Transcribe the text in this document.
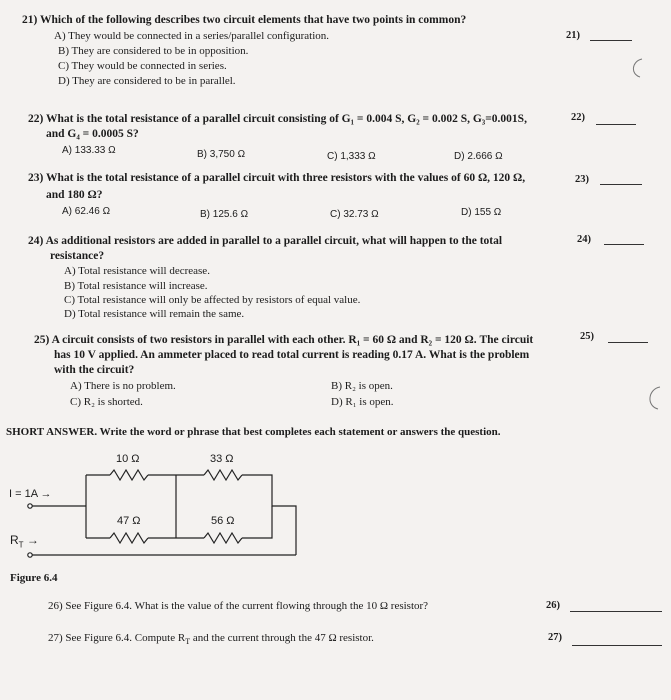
21) Which of the following describes two circuit elements that have two points in common?
21)
A) They would be connected in a series/parallel configuration.
B) They are considered to be in opposition.
C) They would be connected in series.
D) They are considered to be in parallel.
22) What is the total resistance of a parallel circuit consisting of G₁ = 0.004 S, G₂ = 0.002 S, G₃=0.001S,	22)
and G₄ = 0.0005 S?
A) 133.33 Ω	B) 3,750 Ω	C) 1,333 Ω	D) 2.666 Ω
23) What is the total resistance of a parallel circuit with three resistors with the values of 60 Ω, 120 Ω,	23)
and 180 Ω?
A) 62.46 Ω	B) 125.6 Ω	C) 32.73 Ω	D) 155 Ω
24) As additional resistors are added in parallel to a parallel circuit, what will happen to the total	24)
resistance?
A) Total resistance will decrease.
B) Total resistance will increase.
C) Total resistance will only be affected by resistors of equal value.
D) Total resistance will remain the same.
25) A circuit consists of two resistors in parallel with each other. R₁ = 60 Ω and R₂ = 120 Ω. The circuit	25)
has 10 V applied. An ammeter placed to read total current is reading 0.17 A. What is the problem
with the circuit?
A) There is no problem.	B) R₂ is open.
C) R₂ is shorted.	D) R₁ is open.
SHORT ANSWER. Write the word or phrase that best completes each statement or answers the question.
10 Ω	33 Ω
47 Ω	56 Ω
I = 1A →
$R_T$ →
Figure 6.4
26) See Figure 6.4. What is the value of the current flowing through the 10 Ω resistor?	26)
27) See Figure 6.4. Compute $R_T$ and the current through the 47 Ω resistor.	27)
